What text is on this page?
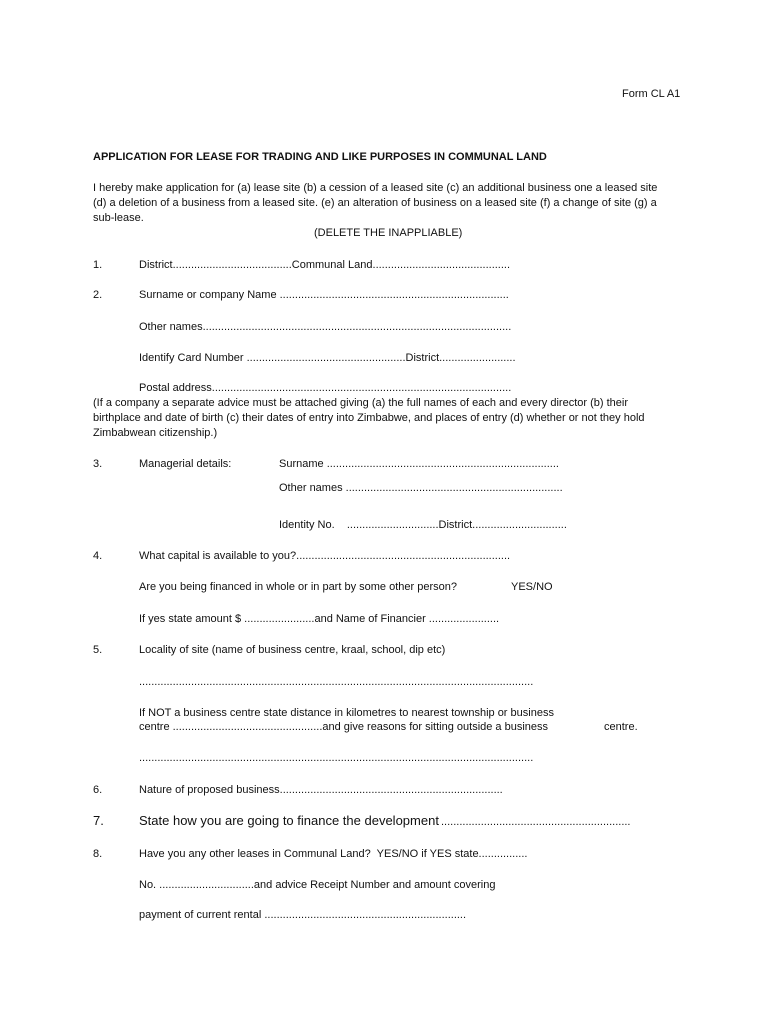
Form CL A1
APPLICATION FOR LEASE FOR TRADING AND LIKE PURPOSES IN COMMUNAL LAND
I hereby make application for (a) lease site (b) a cession of a leased site (c) an additional business one a leased site (d) a deletion of a business from a leased site. (e) an alteration of business on a leased site (f) a change of site (g) a sub-lease.
(DELETE THE INAPPLIABLE)
1.	District.......................................Communal Land.............................................
2.	Surname or company Name ...........................................................................
Other names.....................................................................................................
Identify Card Number ....................................................District.........................
Postal address..................................................................................................
(If a company a separate advice must be attached giving (a) the full names of each and every director (b) their birthplace and date of birth (c) their dates of entry into Zimbabwe, and places of entry (d) whether or not they hold Zimbabwean citizenship.)
3.	Managerial details:	Surname ............................................................................
Other names .......................................................................
Identity No.    ..............................District...............................
4.	What capital is available to you?......................................................................
Are you being financed in whole or in part by some other person?	YES/NO
If yes state amount $ .......................and Name of Financier .......................
5.	Locality of site (name of business centre, kraal, school, dip etc)
.................................................................................................................................
If NOT a business centre state distance in kilometres to nearest township or business
centre .................................................and give reasons for sitting outside a business	centre.
.................................................................................................................................
6.	Nature of proposed business.........................................................................
7.	State how you are going to finance the development ..............................................................
8.	Have you any other leases in Communal Land?  YES/NO if YES state................
No. ...............................and advice Receipt Number and amount covering
payment of current rental ..................................................................
